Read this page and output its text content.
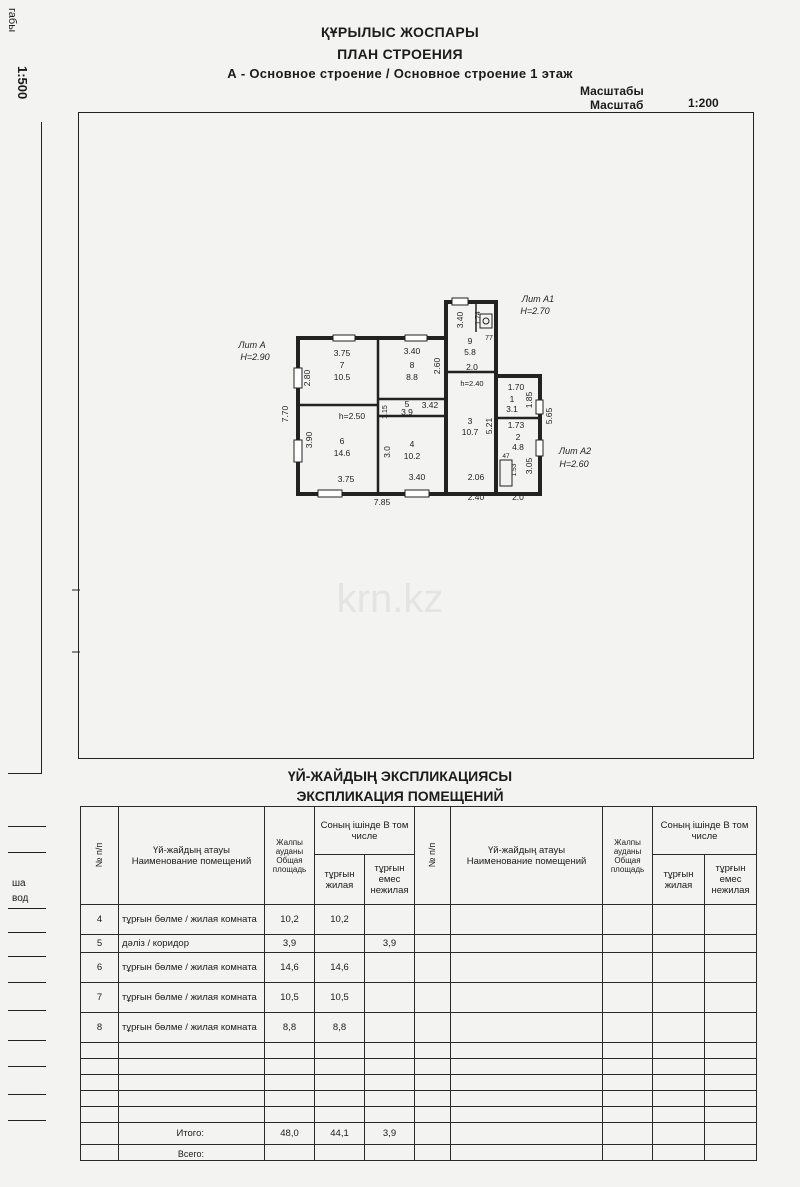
ҚҰРЫЛЫС ЖОСПАРЫ
ПЛАН СТРОЕНИЯ
А - Основное строение / Основное строение 1 этаж
Масштабы
Масштаб	1:200
габы
1:500
ша
вод
krn.kz
Лит А
H=2.90
Лит А1
H=2.70
Лит А2
H=2.60
h=2.50
h=2.40
7
10.5
8
8.8
9
5.8
6
14.6
5
3.9
4
10.2
3
10.7
1
3.1
2
4.8
3.75	3.40
2.80
2.60
7.70
3.90
1.15
3.42
3.0
3.75	3.40
7.85
3.40 1.74
77
2.0
1.70
1.85
5.21 1.73
5.65
3.05
47
1.53
2.06
2.40	2.0
ҮЙ-ЖАЙДЫҢ ЭКСПЛИКАЦИЯСЫ
ЭКСПЛИКАЦИЯ ПОМЕЩЕНИЙ
№ п/п	Үй-жайдың атауы Наименование помещений	Жалпы ауданы Общая площадь	Соның ішінде В том числе		№ п/п	Үй-жайдың атауы Наименование помещений	Жалпы ауданы Общая площадь	Соның ішінде В том числе	
			тұрғын жилая	тұрғын емес нежилая				тұрғын жилая	тұрғын емес нежилая
4	тұрғын бөлме / жилая комната	10,2	10,2						
5	дәліз / коридор	3,9		3,9					
6	тұрғын бөлме / жилая комната	14,6	14,6						
7	тұрғын бөлме / жилая комната	10,5	10,5						
8	тұрғын бөлме / жилая комната	8,8	8,8						

	Итого:	48,0	44,1	3,9					
	Всего:								
